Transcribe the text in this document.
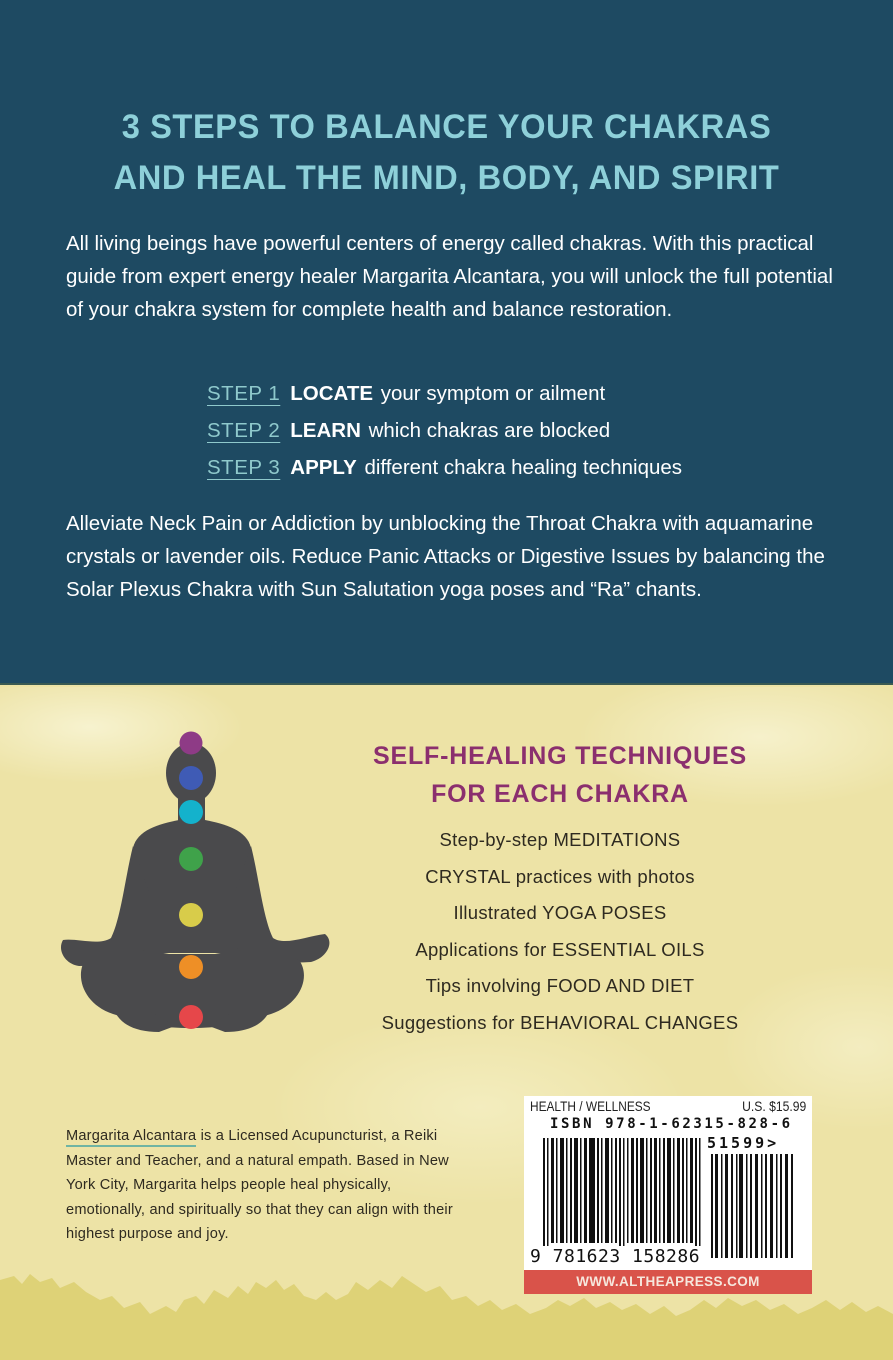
3 STEPS TO BALANCE YOUR CHAKRAS
AND HEAL THE MIND, BODY, AND SPIRIT

All living beings have powerful centers of energy called chakras. With this practical guide from expert energy healer Margarita Alcantara, you will unlock the full potential of your chakra system for complete health and balance restoration.

STEP 1 LOCATE your symptom or ailment
STEP 2 LEARN which chakras are blocked
STEP 3 APPLY different chakra healing techniques

Alleviate Neck Pain or Addiction by unblocking the Throat Chakra with aquamarine crystals or lavender oils. Reduce Panic Attacks or Digestive Issues by balancing the Solar Plexus Chakra with Sun Salutation yoga poses and “Ra” chants.

SELF-HEALING TECHNIQUES
FOR EACH CHAKRA
Step-by-step MEDITATIONS
CRYSTAL practices with photos
Illustrated YOGA POSES
Applications for ESSENTIAL OILS
Tips involving FOOD AND DIET
Suggestions for BEHAVIORAL CHANGES

Margarita Alcantara is a Licensed Acupuncturist, a Reiki Master and Teacher, and a natural empath. Based in New York City, Margarita helps people heal physically, emotionally, and spiritually so that they can align with their highest purpose and joy.

HEALTH / WELLNESS	U.S. $15.99
ISBN 978-1-62315-828-6
51599>
9 781623 158286
WWW.ALTHEAPRESS.COM
